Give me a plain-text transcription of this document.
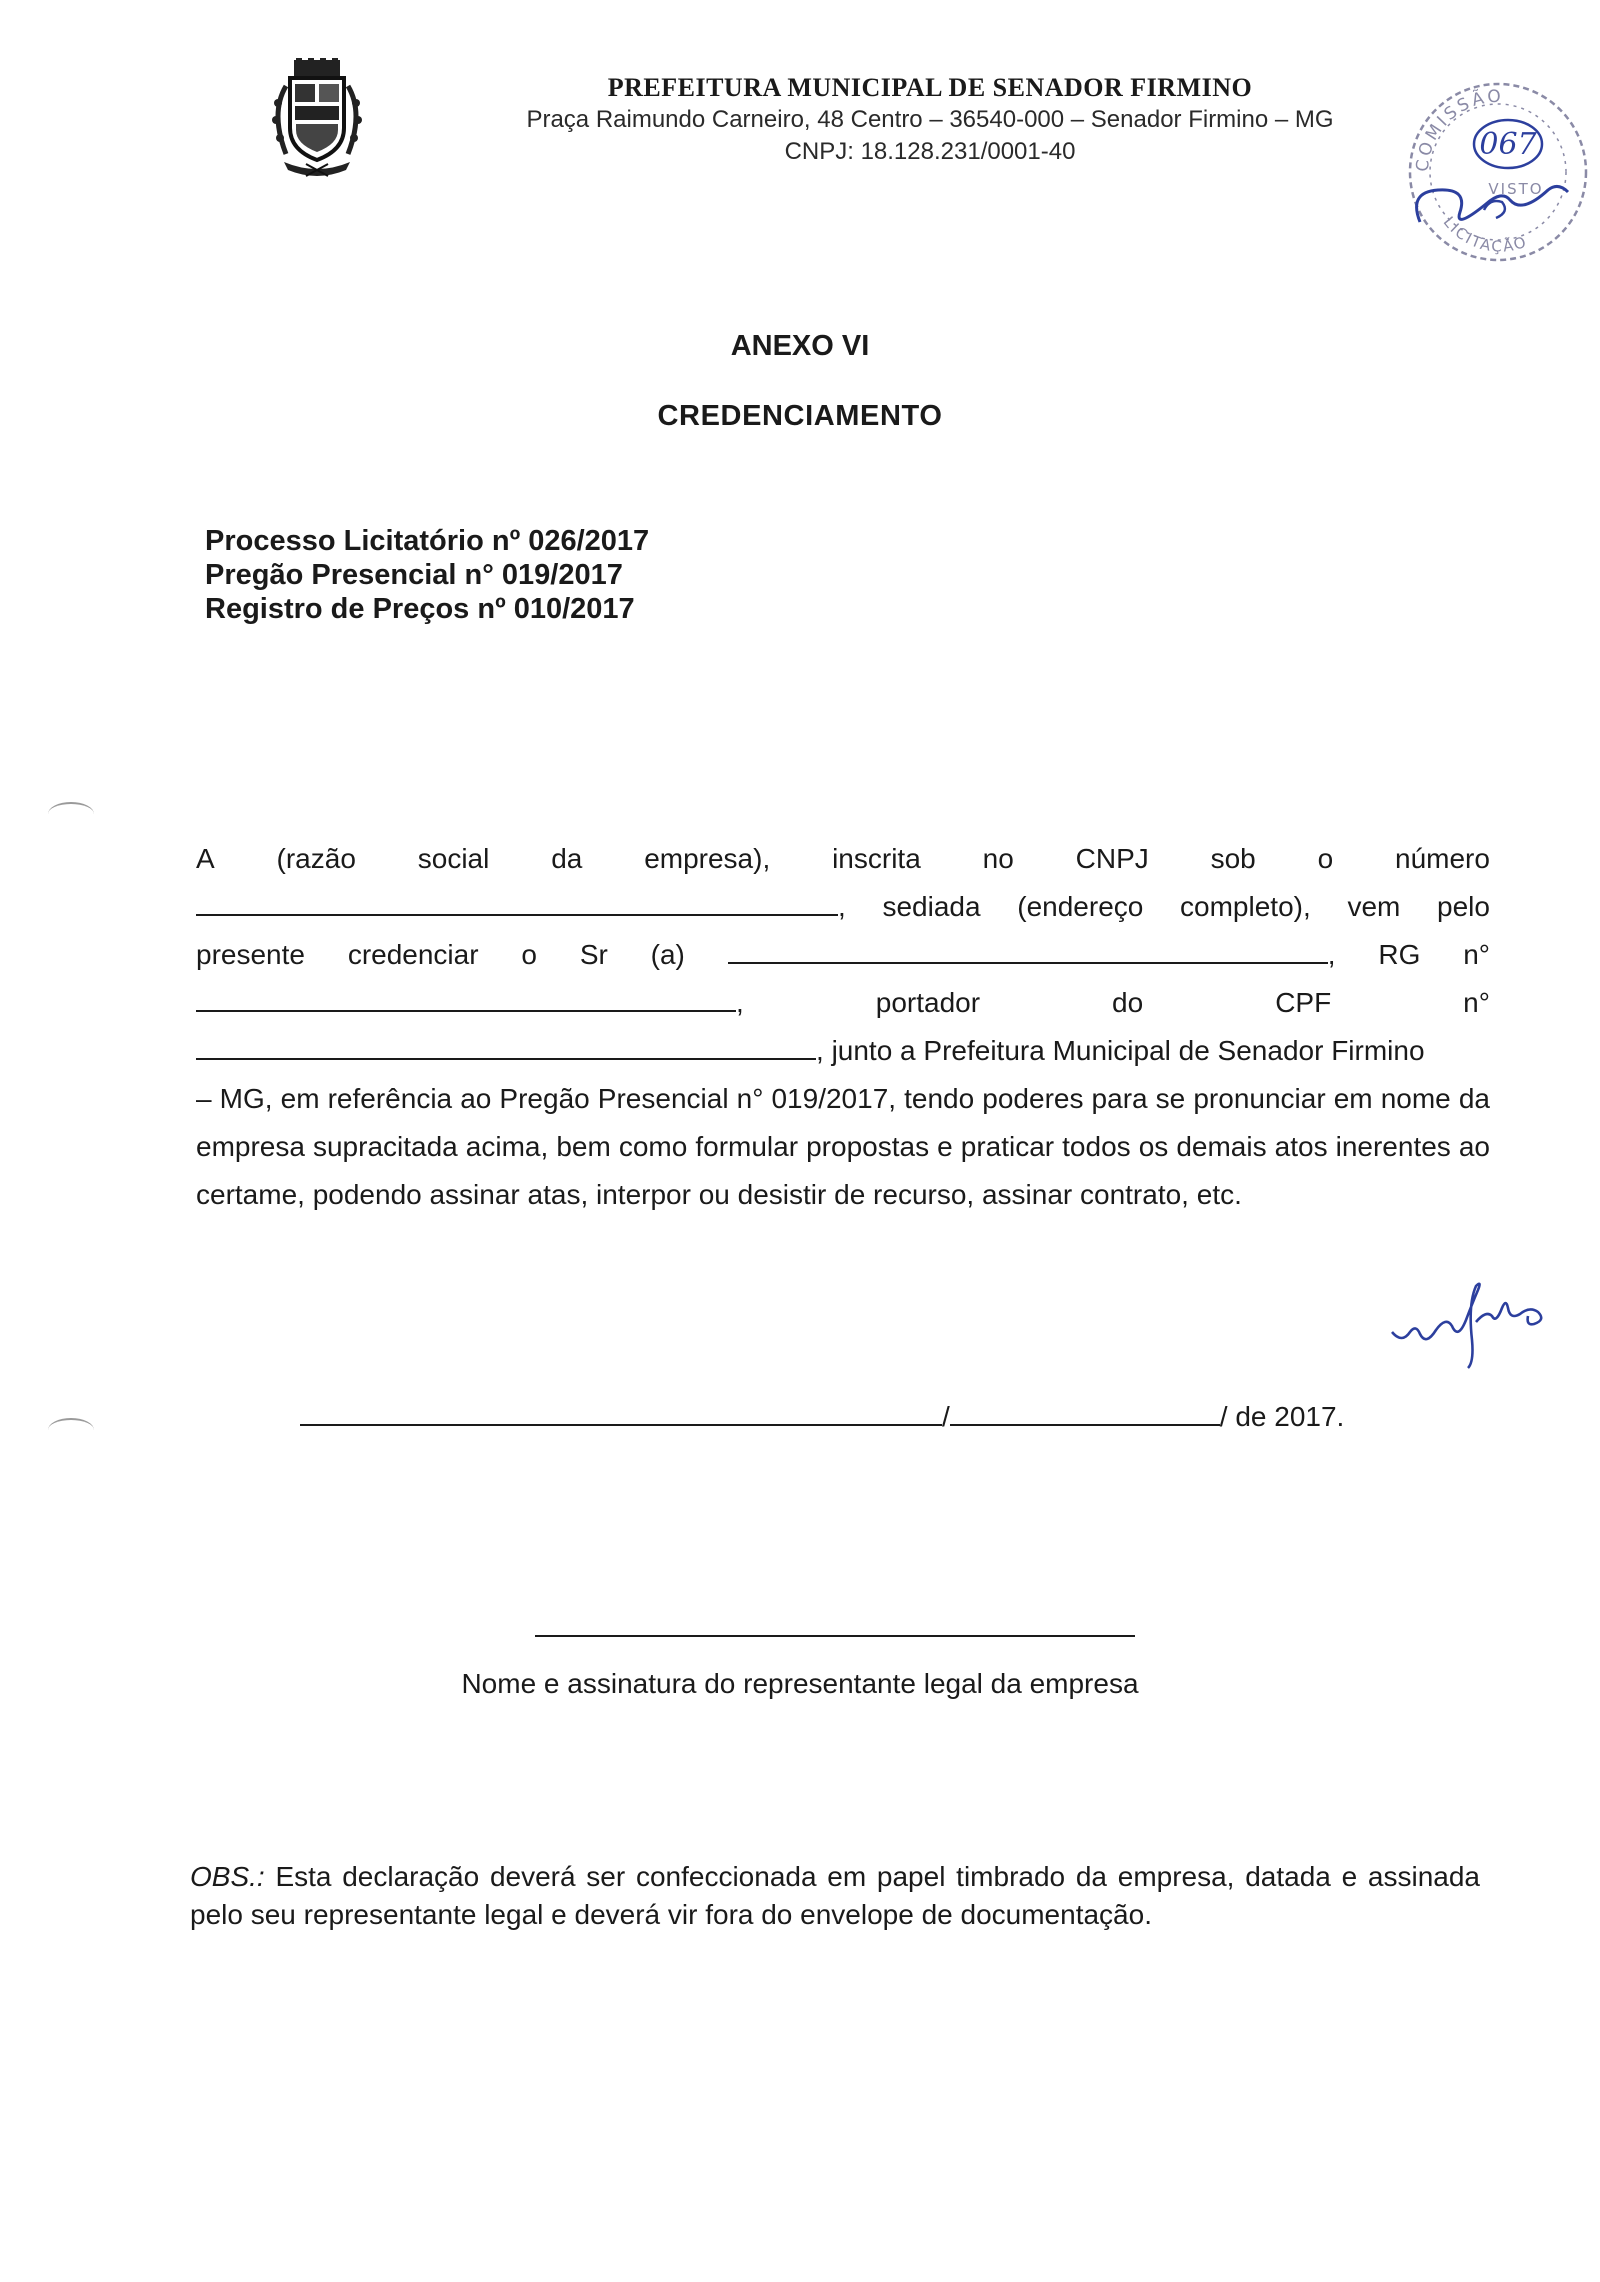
PREFEITURA MUNICIPAL DE SENADOR FIRMINO
Praça Raimundo Carneiro, 48 Centro – 36540-000 – Senador Firmino – MG
CNPJ: 18.128.231/0001-40	COMISSÃO
LICITAÇÃO
067
VISTO
ANEXO VI
CREDENCIAMENTO
Processo Licitatório nº 026/2017
Pregão Presencial n° 019/2017
Registro de Preços nº 010/2017
A (razão social da empresa), inscrita no CNPJ sob o número
, sediada (endereço completo), vem pelo
presente credenciar o Sr (a)	, RG n°
,	portador	do	CPF	n°
, junto a Prefeitura Municipal de Senador Firmino
– MG, em referência ao Pregão Presencial n° 019/2017, tendo poderes para se pronunciar em nome da empresa supracitada acima, bem como formular propostas e praticar todos os demais atos inerentes ao certame, podendo assinar atas, interpor ou desistir de recurso, assinar contrato, etc.
/	/ de 2017.
Nome e assinatura do representante legal da empresa
OBS.: Esta declaração deverá ser confeccionada em papel timbrado da empresa, datada e assinada pelo seu representante legal e deverá vir fora do envelope de documentação.
